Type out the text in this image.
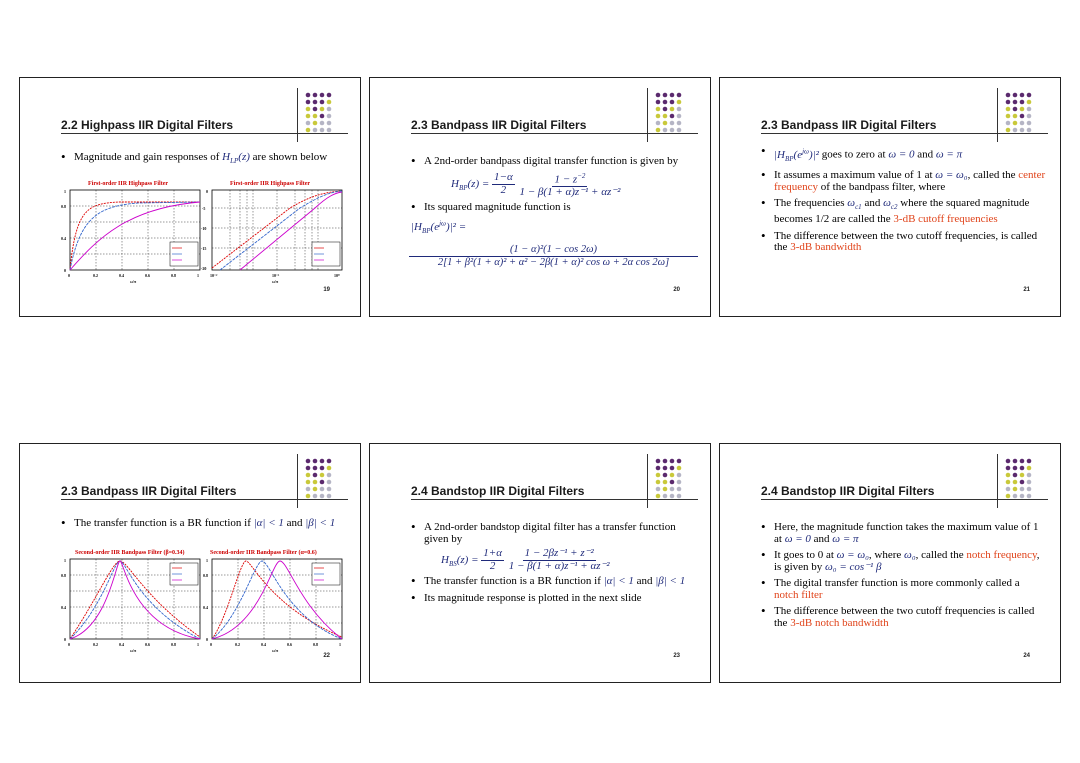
2.2 Highpass IIR Digital Filters
• Magnitude and gain responses of $H_{LP}(z)$ are shown below
First-order IIR Highpass Filter
0
0.4
0.8
1
0	0.2	0.4	0.6	0.8	1
ω/π
First-order IIR Highpass Filter
0
-5
-10
-15
-20
10⁻²	10⁻¹	10⁰
ω/π
19
2.3 Bandpass IIR Digital Filters
• A 2nd-order bandpass digital transfer function is given by
$H_{BP}(z) = \frac{1-\alpha}{2}$
$\frac{1 - z^{-2}}{\text{1 − β(1 + α)z⁻¹ + αz⁻²}}$
• Its squared magnitude function is
$|H_{BP}(e^{j\omega})|^2$ =
(1 − α)²(1 − cos 2ω)
2[1 + β²(1 + α)² + α² − 2β(1 + α)² cos ω + 2α cos 2ω]
20
2.3 Bandpass IIR Digital Filters
• $|H_{BP}(e^{j\omega})|^2$ goes to zero at ω = 0 and ω = π
• It assumes a maximum value of 1 at ω = ω₀, called the center frequency of the bandpass filter, where
• The frequencies $\omega_{c1}$ and $\omega_{c2}$ where the squared magnitude becomes 1/2 are called the 3-dB cutoff frequencies
• The difference between the two cutoff frequencies, is called the 3-dB bandwidth
21
2.3 Bandpass IIR Digital Filters
• The transfer function is a BR function if |α| < 1 and |β| < 1
Second-order IIR Bandpass Filter (β=0.34)
0
0.4
0.8
1
0	0.2	0.4	0.6	0.8	1
ω/π
Second-order IIR Bandpass Filter (α=0.6)
0
0.4
0.8
1
0	0.2	0.4	0.6	0.8	1
ω/π
22
2.4 Bandstop IIR Digital Filters
• A 2nd-order bandstop digital filter has a transfer function given by
$H_{BS}(z) = \frac{1+\alpha}{2}$
$\frac{\text{1 − 2βz⁻¹ + z⁻²}}{\text{1 − β(1 + α)z⁻¹ + αz⁻²}}$
• The transfer function is a BR function if |α| < 1 and |β| < 1
• Its magnitude response is plotted in the next slide
23
2.4 Bandstop IIR Digital Filters
• Here, the magnitude function takes the maximum value of 1 at ω = 0 and ω = π
• It goes to 0 at ω = ω₀, where ω₀, called the notch frequency, is given by ω₀ = cos⁻¹ β
• The digital transfer function is more commonly called a notch filter
• The difference between the two cutoff frequencies is called the 3-dB notch bandwidth
24
